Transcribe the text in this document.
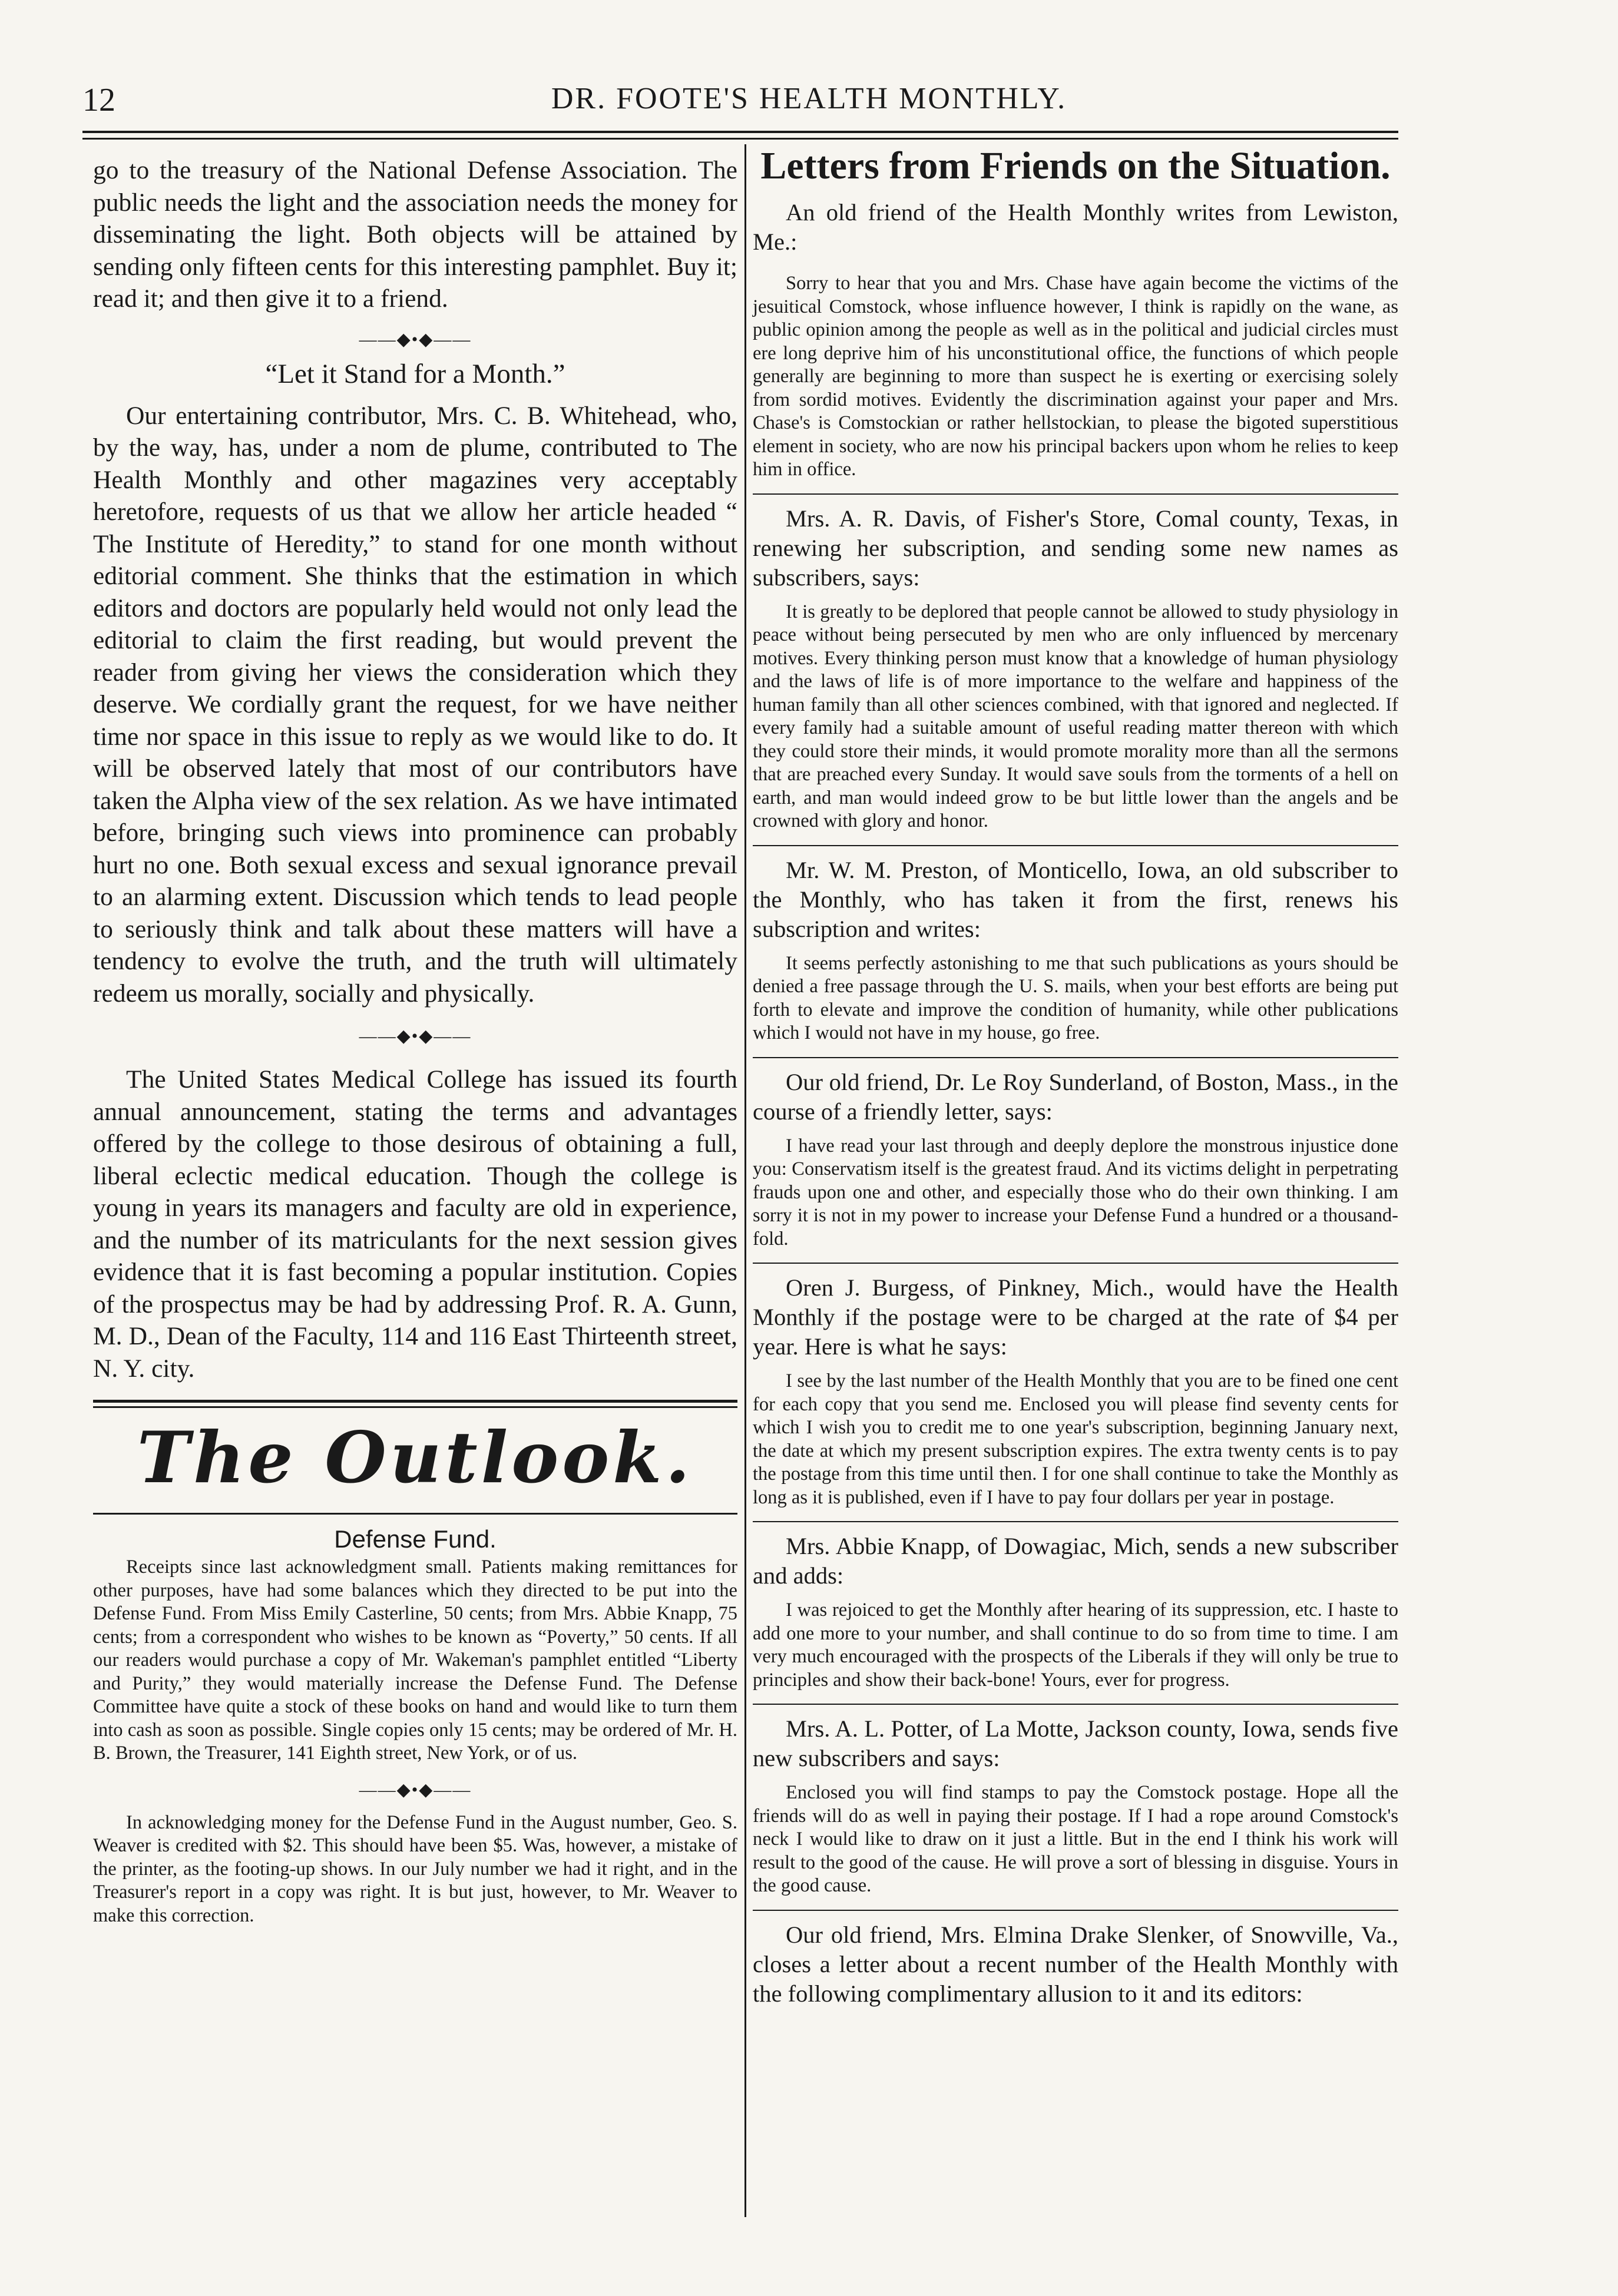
12	DR. FOOTE'S HEALTH MONTHLY.

go to the treasury of the National Defense Association. The public needs the light and the association needs the money for disseminating the light. Both objects will be attained by sending only fifteen cents for this interesting pamphlet. Buy it; read it; and then give it to a friend.

——◆•◆——

“Let it Stand for a Month.”

Our entertaining contributor, Mrs. C. B. Whitehead, who, by the way, has, under a nom de plume, contributed to The Health Monthly and other magazines very acceptably heretofore, requests of us that we allow her article headed “ The Institute of Heredity,” to stand for one month without editorial comment. She thinks that the estimation in which editors and doctors are popularly held would not only lead the editorial to claim the first reading, but would prevent the reader from giving her views the consideration which they deserve. We cordially grant the request, for we have neither time nor space in this issue to reply as we would like to do. It will be observed lately that most of our contributors have taken the Alpha view of the sex relation. As we have intimated before, bringing such views into prominence can probably hurt no one. Both sexual excess and sexual ignorance prevail to an alarming extent. Discussion which tends to lead people to seriously think and talk about these matters will have a tendency to evolve the truth, and the truth will ultimately redeem us morally, socially and physically.

——◆•◆——

The United States Medical College has issued its fourth annual announcement, stating the terms and advantages offered by the college to those desirous of obtaining a full, liberal eclectic medical education. Though the college is young in years its managers and faculty are old in experience, and the number of its matriculants for the next session gives evidence that it is fast becoming a popular institution. Copies of the prospectus may be had by addressing Prof. R. A. Gunn, M. D., Dean of the Faculty, 114 and 116 East Thirteenth street, N. Y. city.

The Outlook.

Defense Fund.

Receipts since last acknowledgment small. Patients making remittances for other purposes, have had some balances which they directed to be put into the Defense Fund. From Miss Emily Casterline, 50 cents; from Mrs. Abbie Knapp, 75 cents; from a correspondent who wishes to be known as “Poverty,” 50 cents. If all our readers would purchase a copy of Mr. Wakeman's pamphlet entitled “Liberty and Purity,” they would materially increase the Defense Fund. The Defense Committee have quite a stock of these books on hand and would like to turn them into cash as soon as possible. Single copies only 15 cents; may be ordered of Mr. H. B. Brown, the Treasurer, 141 Eighth street, New York, or of us.

——◆•◆——

In acknowledging money for the Defense Fund in the August number, Geo. S. Weaver is credited with $2. This should have been $5. Was, however, a mistake of the printer, as the footing-up shows. In our July number we had it right, and in the Treasurer's report in a copy was right. It is but just, however, to Mr. Weaver to make this correction.

Letters from Friends on the Situation.

An old friend of the Health Monthly writes from Lewiston, Me.:

Sorry to hear that you and Mrs. Chase have again become the victims of the jesuitical Comstock, whose influence however, I think is rapidly on the wane, as public opinion among the people as well as in the political and judicial circles must ere long deprive him of his unconstitutional office, the functions of which people generally are beginning to more than suspect he is exerting or exercising solely from sordid motives. Evidently the discrimination against your paper and Mrs. Chase's is Comstockian or rather hellstockian, to please the bigoted superstitious element in society, who are now his principal backers upon whom he relies to keep him in office.

Mrs. A. R. Davis, of Fisher's Store, Comal county, Texas, in renewing her subscription, and sending some new names as subscribers, says:

It is greatly to be deplored that people cannot be allowed to study physiology in peace without being persecuted by men who are only influenced by mercenary motives. Every thinking person must know that a knowledge of human physiology and the laws of life is of more importance to the welfare and happiness of the human family than all other sciences combined, with that ignored and neglected. If every family had a suitable amount of useful reading matter thereon with which they could store their minds, it would promote morality more than all the sermons that are preached every Sunday. It would save souls from the torments of a hell on earth, and man would indeed grow to be but little lower than the angels and be crowned with glory and honor.

Mr. W. M. Preston, of Monticello, Iowa, an old subscriber to the Monthly, who has taken it from the first, renews his subscription and writes:

It seems perfectly astonishing to me that such publications as yours should be denied a free passage through the U. S. mails, when your best efforts are being put forth to elevate and improve the condition of humanity, while other publications which I would not have in my house, go free.

Our old friend, Dr. Le Roy Sunderland, of Boston, Mass., in the course of a friendly letter, says:

I have read your last through and deeply deplore the monstrous injustice done you: Conservatism itself is the greatest fraud. And its victims delight in perpetrating frauds upon one and other, and especially those who do their own thinking. I am sorry it is not in my power to increase your Defense Fund a hundred or a thousand-fold.

Oren J. Burgess, of Pinkney, Mich., would have the Health Monthly if the postage were to be charged at the rate of $4 per year. Here is what he says:

I see by the last number of the Health Monthly that you are to be fined one cent for each copy that you send me. Enclosed you will please find seventy cents for which I wish you to credit me to one year's subscription, beginning January next, the date at which my present subscription expires. The extra twenty cents is to pay the postage from this time until then. I for one shall continue to take the Monthly as long as it is published, even if I have to pay four dollars per year in postage.

Mrs. Abbie Knapp, of Dowagiac, Mich, sends a new subscriber and adds:

I was rejoiced to get the Monthly after hearing of its suppression, etc. I haste to add one more to your number, and shall continue to do so from time to time. I am very much encouraged with the prospects of the Liberals if they will only be true to principles and show their back-bone! Yours, ever for progress.

Mrs. A. L. Potter, of La Motte, Jackson county, Iowa, sends five new subscribers and says:

Enclosed you will find stamps to pay the Comstock postage. Hope all the friends will do as well in paying their postage. If I had a rope around Comstock's neck I would like to draw on it just a little. But in the end I think his work will result to the good of the cause. He will prove a sort of blessing in disguise. Yours in the good cause.

Our old friend, Mrs. Elmina Drake Slenker, of Snowville, Va., closes a letter about a recent number of the Health Monthly with the following complimentary allusion to it and its editors:
